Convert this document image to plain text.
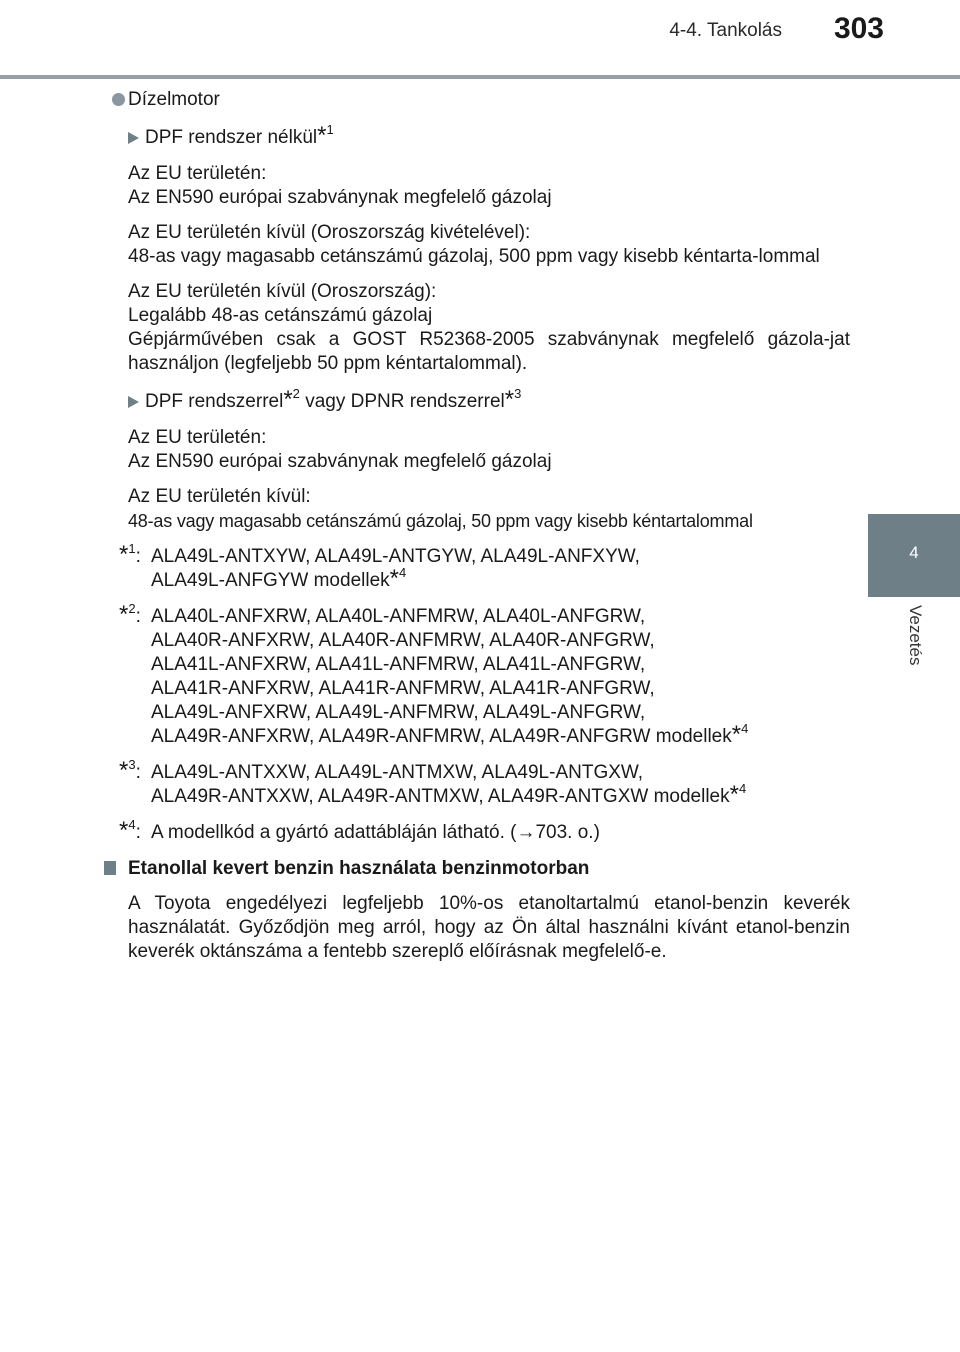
4-4. Tankolás 303
4
Vezetés
Dízelmotor
DPF rendszer nélkül*$^1$
Az EU területén:
Az EN590 európai szabványnak megfelelő gázolaj
Az EU területén kívül (Oroszország kivételével):
48-as vagy magasabb cetánszámú gázolaj, 500 ppm vagy kisebb kéntarta-lommal
Az EU területén kívül (Oroszország):
Legalább 48-as cetánszámú gázolaj
Gépjárművében csak a GOST R52368-2005 szabványnak megfelelő gázola-jat használjon (legfeljebb 50 ppm kéntartalommal).
DPF rendszerrel*$^2$ vagy DPNR rendszerrel*$^3$
Az EU területén:
Az EN590 európai szabványnak megfelelő gázolaj
Az EU területén kívül:
48-as vagy magasabb cetánszámú gázolaj, 50 ppm vagy kisebb kéntartalommal
*$^1$: ALA49L-ANTXYW, ALA49L-ANTGYW, ALA49L-ANFXYW,
ALA49L-ANFGYW modellek*$^4$
*$^2$: ALA40L-ANFXRW, ALA40L-ANFMRW, ALA40L-ANFGRW,
ALA40R-ANFXRW, ALA40R-ANFMRW, ALA40R-ANFGRW,
ALA41L-ANFXRW, ALA41L-ANFMRW, ALA41L-ANFGRW,
ALA41R-ANFXRW, ALA41R-ANFMRW, ALA41R-ANFGRW,
ALA49L-ANFXRW, ALA49L-ANFMRW, ALA49L-ANFGRW,
ALA49R-ANFXRW, ALA49R-ANFMRW, ALA49R-ANFGRW modellek*$^4$
*$^3$: ALA49L-ANTXXW, ALA49L-ANTMXW, ALA49L-ANTGXW,
ALA49R-ANTXXW, ALA49R-ANTMXW, ALA49R-ANTGXW modellek*$^4$
*$^4$: A modellkód a gyártó adattábláján látható. (→703. o.)
Etanollal kevert benzin használata benzinmotorban
A Toyota engedélyezi legfeljebb 10%-os etanoltartalmú etanol-benzin keverék használatát. Győződjön meg arról, hogy az Ön által használni kívánt etanol-benzin keverék oktánszáma a fentebb szereplő előírásnak megfelelő-e.
